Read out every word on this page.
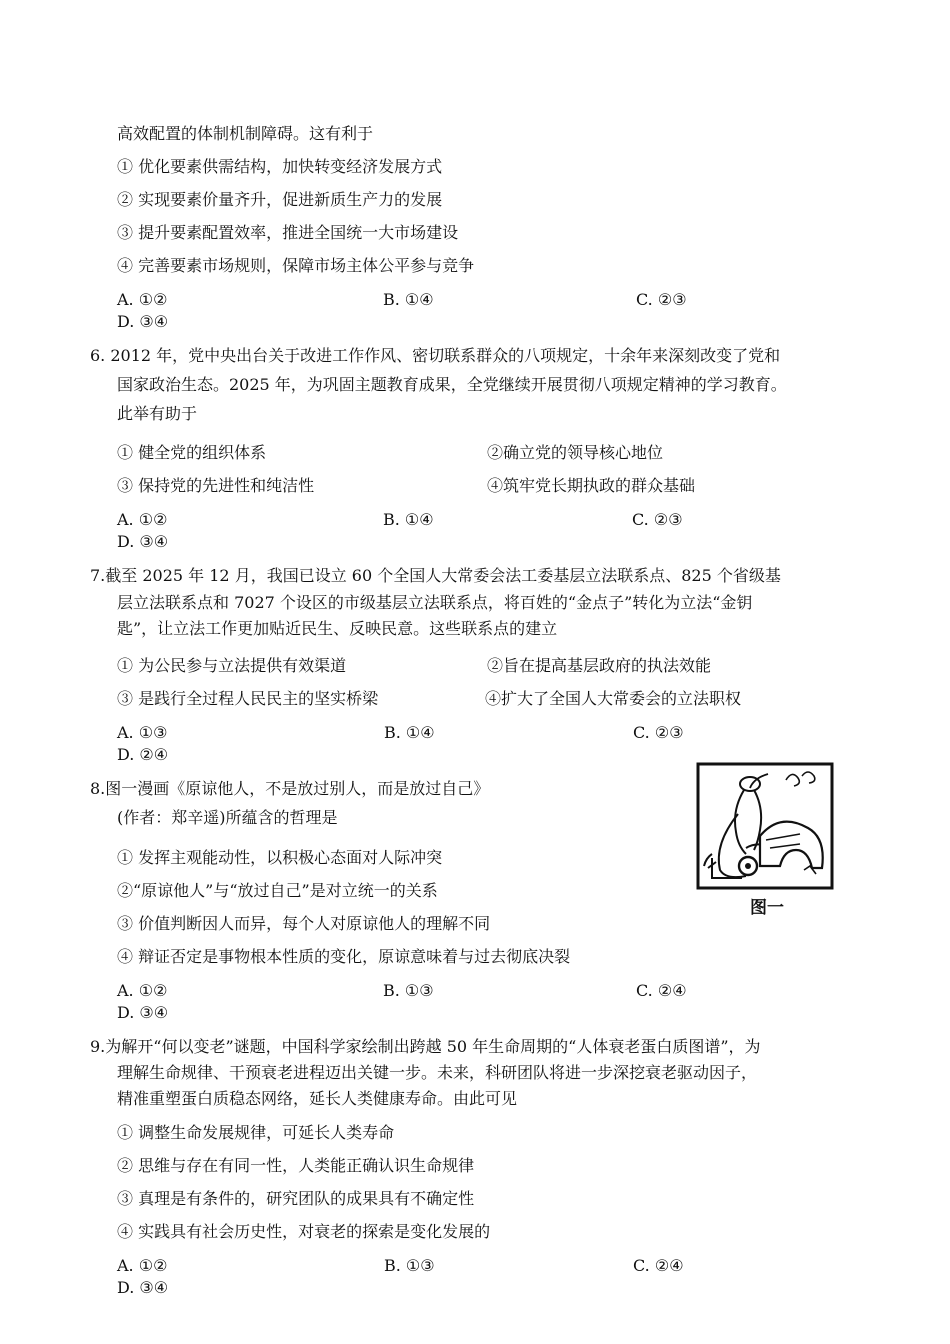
高效配置的体制机制障碍。这有利于
① 优化要素供需结构，加快转变经济发展方式
② 实现要素价量齐升，促进新质生产力的发展
③ 提升要素配置效率，推进全国统一大市场建设
④ 完善要素市场规则，保障市场主体公平参与竞争
A. ①②	B. ①④	C. ②③
D. ③④
6. 2012 年，党中央出台关于改进工作作风、密切联系群众的八项规定，十余年来深刻改变了党和
国家政治生态。2025 年，为巩固主题教育成果，全党继续开展贯彻八项规定精神的学习教育。
此举有助于
① 健全党的组织体系	②确立党的领导核心地位
③ 保持党的先进性和纯洁性	④筑牢党长期执政的群众基础
A. ①②	B. ①④	C. ②③
D. ③④
7.截至 2025 年 12 月，我国已设立 60 个全国人大常委会法工委基层立法联系点、825 个省级基
层立法联系点和 7027 个设区的市级基层立法联系点，将百姓的“金点子”转化为立法“金钥
匙”，让立法工作更加贴近民生、反映民意。这些联系点的建立
① 为公民参与立法提供有效渠道	②旨在提高基层政府的执法效能
③ 是践行全过程人民民主的坚实桥梁	④扩大了全国人大常委会的立法职权
A. ①③	B. ①④	C. ②③
D. ②④
8.图一漫画《原谅他人，不是放过别人，而是放过自己》
(作者：郑辛遥)所蕴含的哲理是
① 发挥主观能动性，以积极心态面对人际冲突
②“原谅他人”与“放过自己”是对立统一的关系
③ 价值判断因人而异，每个人对原谅他人的理解不同
④ 辩证否定是事物根本性质的变化，原谅意味着与过去彻底决裂
A. ①②	B. ①③	C. ②④
D. ③④
图一
9.为解开“何以变老”谜题，中国科学家绘制出跨越 50 年生命周期的“人体衰老蛋白质图谱”，为
理解生命规律、干预衰老进程迈出关键一步。未来，科研团队将进一步深挖衰老驱动因子，
精准重塑蛋白质稳态网络，延长人类健康寿命。由此可见
① 调整生命发展规律，可延长人类寿命
② 思维与存在有同一性，人类能正确认识生命规律
③ 真理是有条件的，研究团队的成果具有不确定性
④ 实践具有社会历史性，对衰老的探索是变化发展的
A. ①②	B. ①③	C. ②④
D. ③④
